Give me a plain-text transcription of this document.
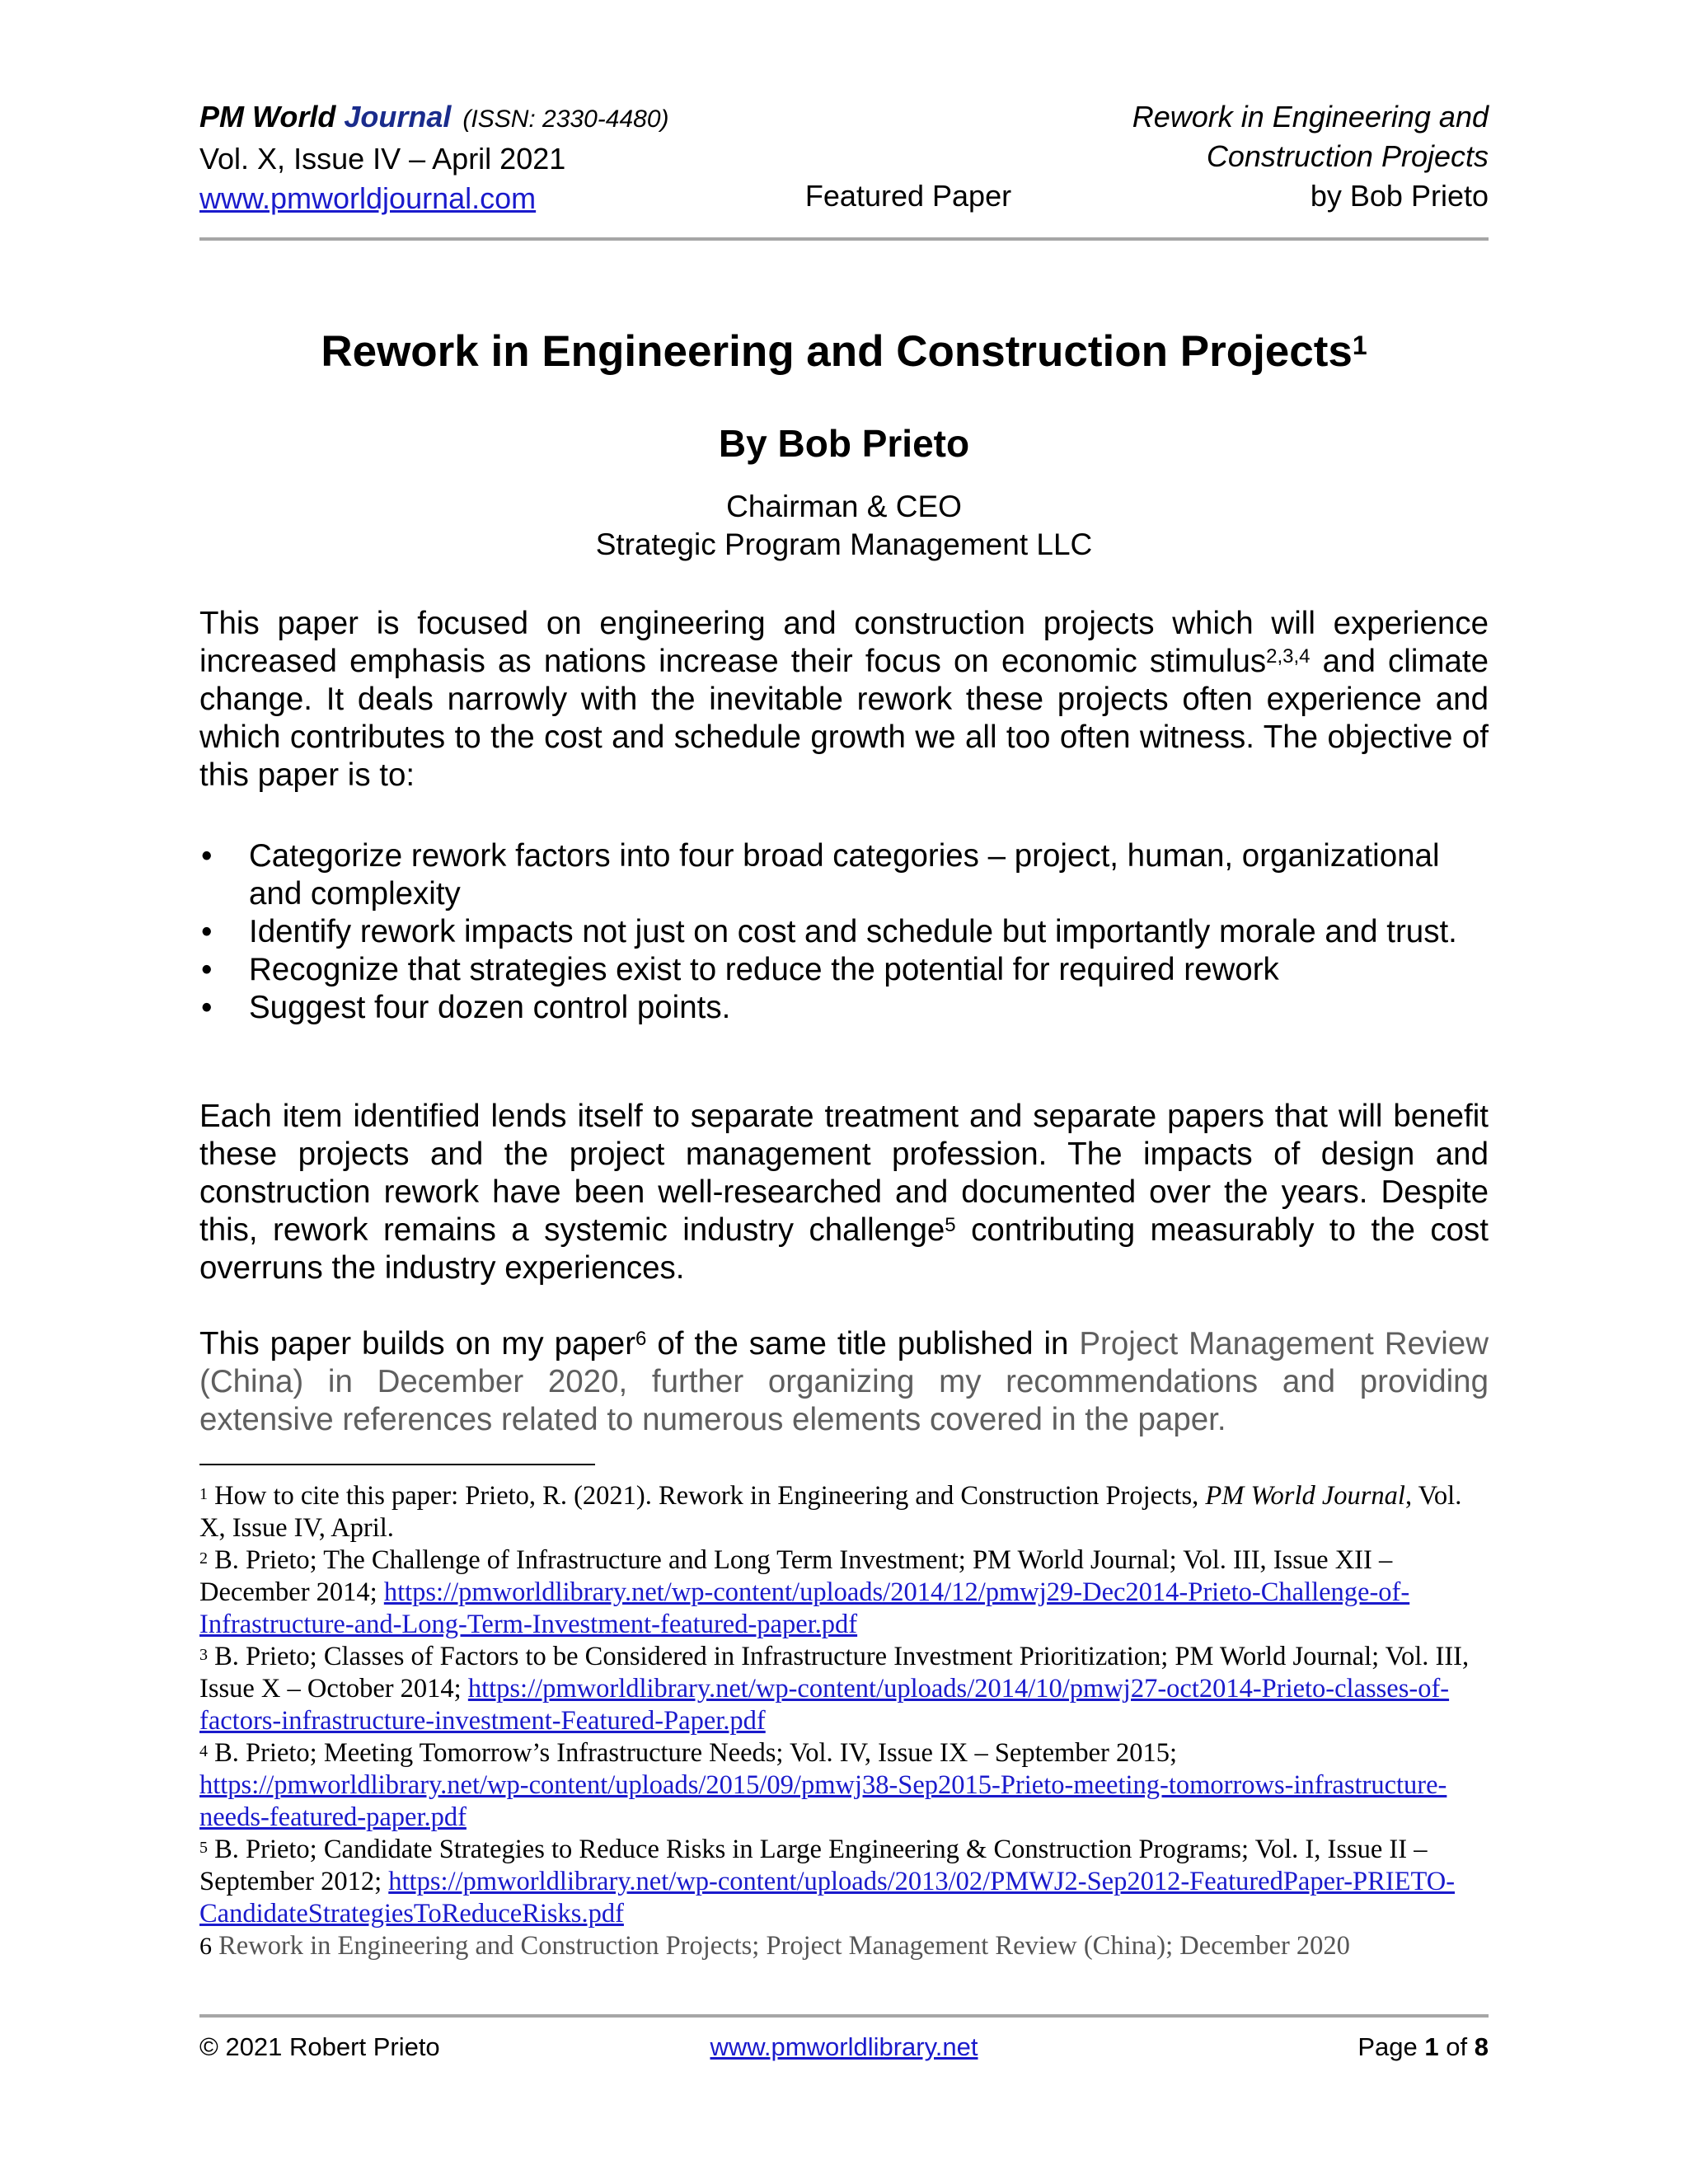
PM World Journal (ISSN: 2330-4480)
Vol. X, Issue IV – April 2021
www.pmworldjournal.com
Rework in Engineering and
Construction Projects
Featured Paper	by Bob Prieto
Rework in Engineering and Construction Projects$^1$
By Bob Prieto
Chairman & CEO
Strategic Program Management LLC
This paper is focused on engineering and construction projects which will experience increased emphasis as nations increase their focus on economic stimulus$^{2,3,4}$ and climate change. It deals narrowly with the inevitable rework these projects often experience and which contributes to the cost and schedule growth we all too often witness. The objective of this paper is to:
•	Categorize rework factors into four broad categories – project, human, organizational and complexity
•	Identify rework impacts not just on cost and schedule but importantly morale and trust.
•	Recognize that strategies exist to reduce the potential for required rework
•	Suggest four dozen control points.
Each item identified lends itself to separate treatment and separate papers that will benefit these projects and the project management profession. The impacts of design and construction rework have been well-researched and documented over the years. Despite this, rework remains a systemic industry challenge$^5$ contributing measurably to the cost overruns the industry experiences.
This paper builds on my paper$^6$ of the same title published in Project Management Review (China) in December 2020, further organizing my recommendations and providing extensive references related to numerous elements covered in the paper.

$^1$ How to cite this paper: Prieto, R. (2021). Rework in Engineering and Construction Projects, PM World Journal, Vol. X, Issue IV, April.

$^2$ B. Prieto; The Challenge of Infrastructure and Long Term Investment; PM World Journal; Vol. III, Issue XII – December 2014; https://pmworldlibrary.net/wp-content/uploads/2014/12/pmwj29-Dec2014-Prieto-Challenge-of-Infrastructure-and-Long-Term-Investment-featured-paper.pdf

$^3$ B. Prieto; Classes of Factors to be Considered in Infrastructure Investment Prioritization; PM World Journal; Vol. III, Issue X – October 2014; https://pmworldlibrary.net/wp-content/uploads/2014/10/pmwj27-oct2014-Prieto-classes-of-factors-infrastructure-investment-Featured-Paper.pdf

$^4$ B. Prieto; Meeting Tomorrow’s Infrastructure Needs; Vol. IV, Issue IX – September 2015; https://pmworldlibrary.net/wp-content/uploads/2015/09/pmwj38-Sep2015-Prieto-meeting-tomorrows-infrastructure-needs-featured-paper.pdf

$^5$ B. Prieto; Candidate Strategies to Reduce Risks in Large Engineering & Construction Programs; Vol. I, Issue II – September 2012; https://pmworldlibrary.net/wp-content/uploads/2013/02/PMWJ2-Sep2012-FeaturedPaper-PRIETO-CandidateStrategiesToReduceRisks.pdf

6 Rework in Engineering and Construction Projects; Project Management Review (China); December 2020

© 2021 Robert Prieto	www.pmworldlibrary.net	Page 1 of 8
